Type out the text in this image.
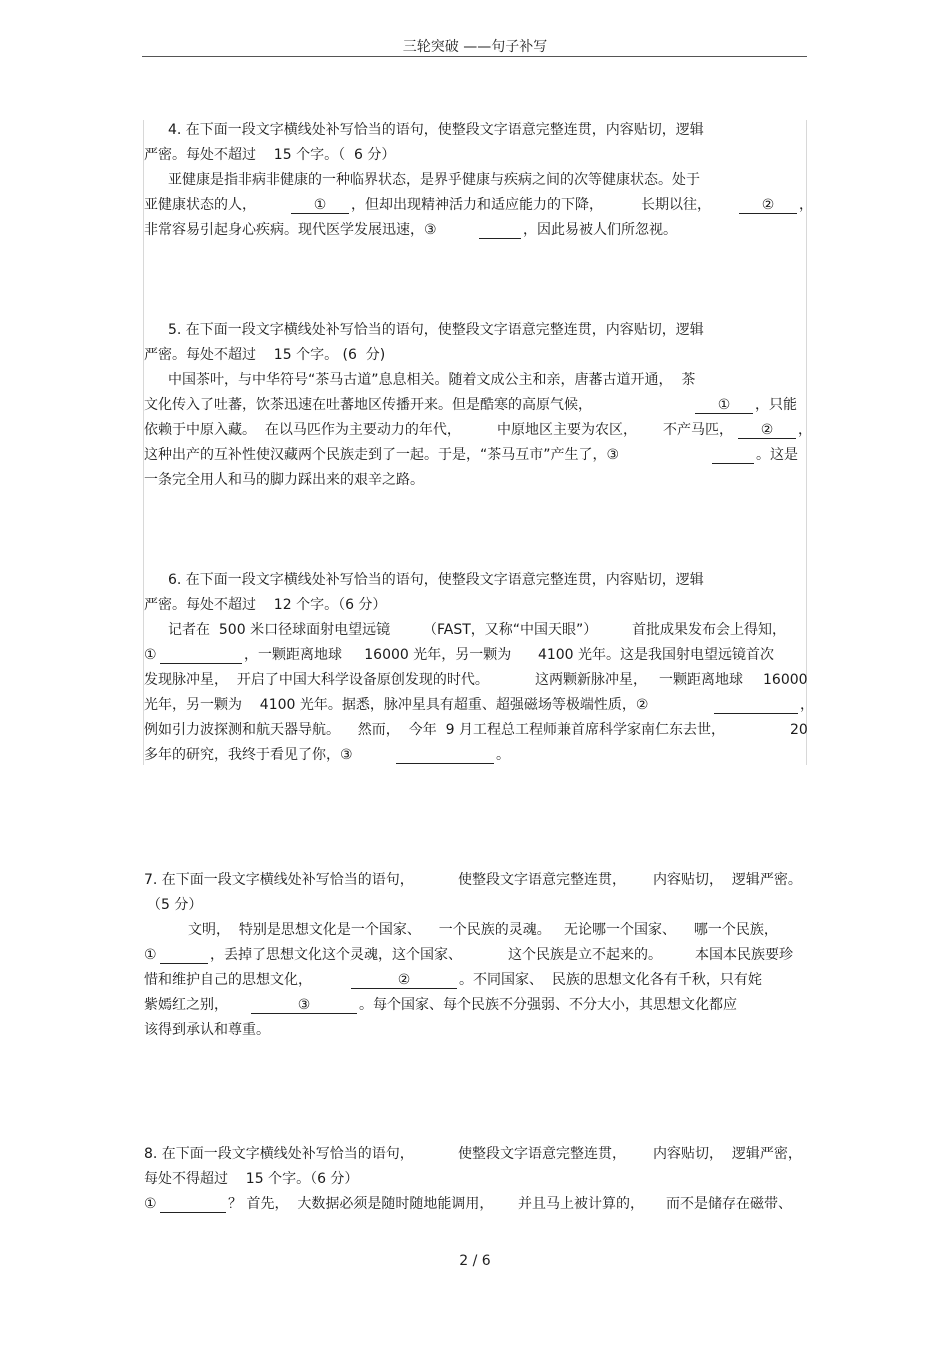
三轮突破 ——句子补写
4. 在下面一段文字横线处补写恰当的语句，使整段文字语意完整连贯，内容贴切，逻辑
严密。每处不超过    15 个字。（  6 分）
亚健康是指非病非健康的一种临界状态，是界乎健康与疾病之间的次等健康状态。处于
亚健康状态的人，	①	，但却出现精神活力和适应能力的下降，	长期以往，	②	，
非常容易引起身心疾病。现代医学发展迅速，③	，因此易被人们所忽视。
5. 在下面一段文字横线处补写恰当的语句，使整段文字语意完整连贯，内容贴切，逻辑
严密。每处不超过    15 个字。 (6  分)
中国茶叶，与中华符号“茶马古道”息息相关。随着文成公主和亲，唐蕃古道开通，  茶
文化传入了吐蕃，饮茶迅速在吐蕃地区传播开来。但是酷寒的高原气候，	①	，只能
依赖于中原入藏。  在以马匹作为主要动力的年代，	中原地区主要为农区， 不产马匹，	②	，
这种出产的互补性使汉藏两个民族走到了一起。于是，“茶马互市”产生了，③	。这是
一条完全用人和马的脚力踩出来的艰辛之路。
6. 在下面一段文字横线处补写恰当的语句，使整段文字语意完整连贯，内容贴切，逻辑
严密。每处不超过    12 个字。（6 分）
记者在  500 米口径球面射电望远镜 （FAST，又称“中国天眼”） 首批成果发布会上得知，
①	，一颗距离地球     16000 光年，另一颗为      4100 光年。这是我国射电望远镜首次
发现脉冲星，  开启了中国大科学设备原创发现的时代。	这两颗新脉冲星， 一颗距离地球 16000
光年，另一颗为    4100 光年。据悉，脉冲星具有超重、超强磁场等极端性质，②	，
例如引力波探测和航天器导航。    然而，  今年  9 月工程总工程师兼首席科学家南仁东去世，	20
多年的研究，我终于看见了你，③	。
7. 在下面一段文字横线处补写恰当的语句，	使整段文字语意完整连贯， 内容贴切，  逻辑严密。
（5 分）
文明，  特别是思想文化是一个国家、    一个民族的灵魂。   无论哪一个国家、    哪一个民族，
①	，丢掉了思想文化这个灵魂，这个国家、	这个民族是立不起来的。 本国本民族要珍
惜和维护自己的思想文化，	②	。不同国家、  民族的思想文化各有千秋，只有姹
紫嫣红之别，	③	。每个国家、每个民族不分强弱、不分大小，其思想文化都应
该得到承认和尊重。
8. 在下面一段文字横线处补写恰当的语句，	使整段文字语意完整连贯， 内容贴切，  逻辑严密，
每处不得超过    15 个字。（6 分）
①	？ 首先，  大数据必须是随时随地能调用， 并且马上被计算的， 而不是储存在磁带、
2 / 6
